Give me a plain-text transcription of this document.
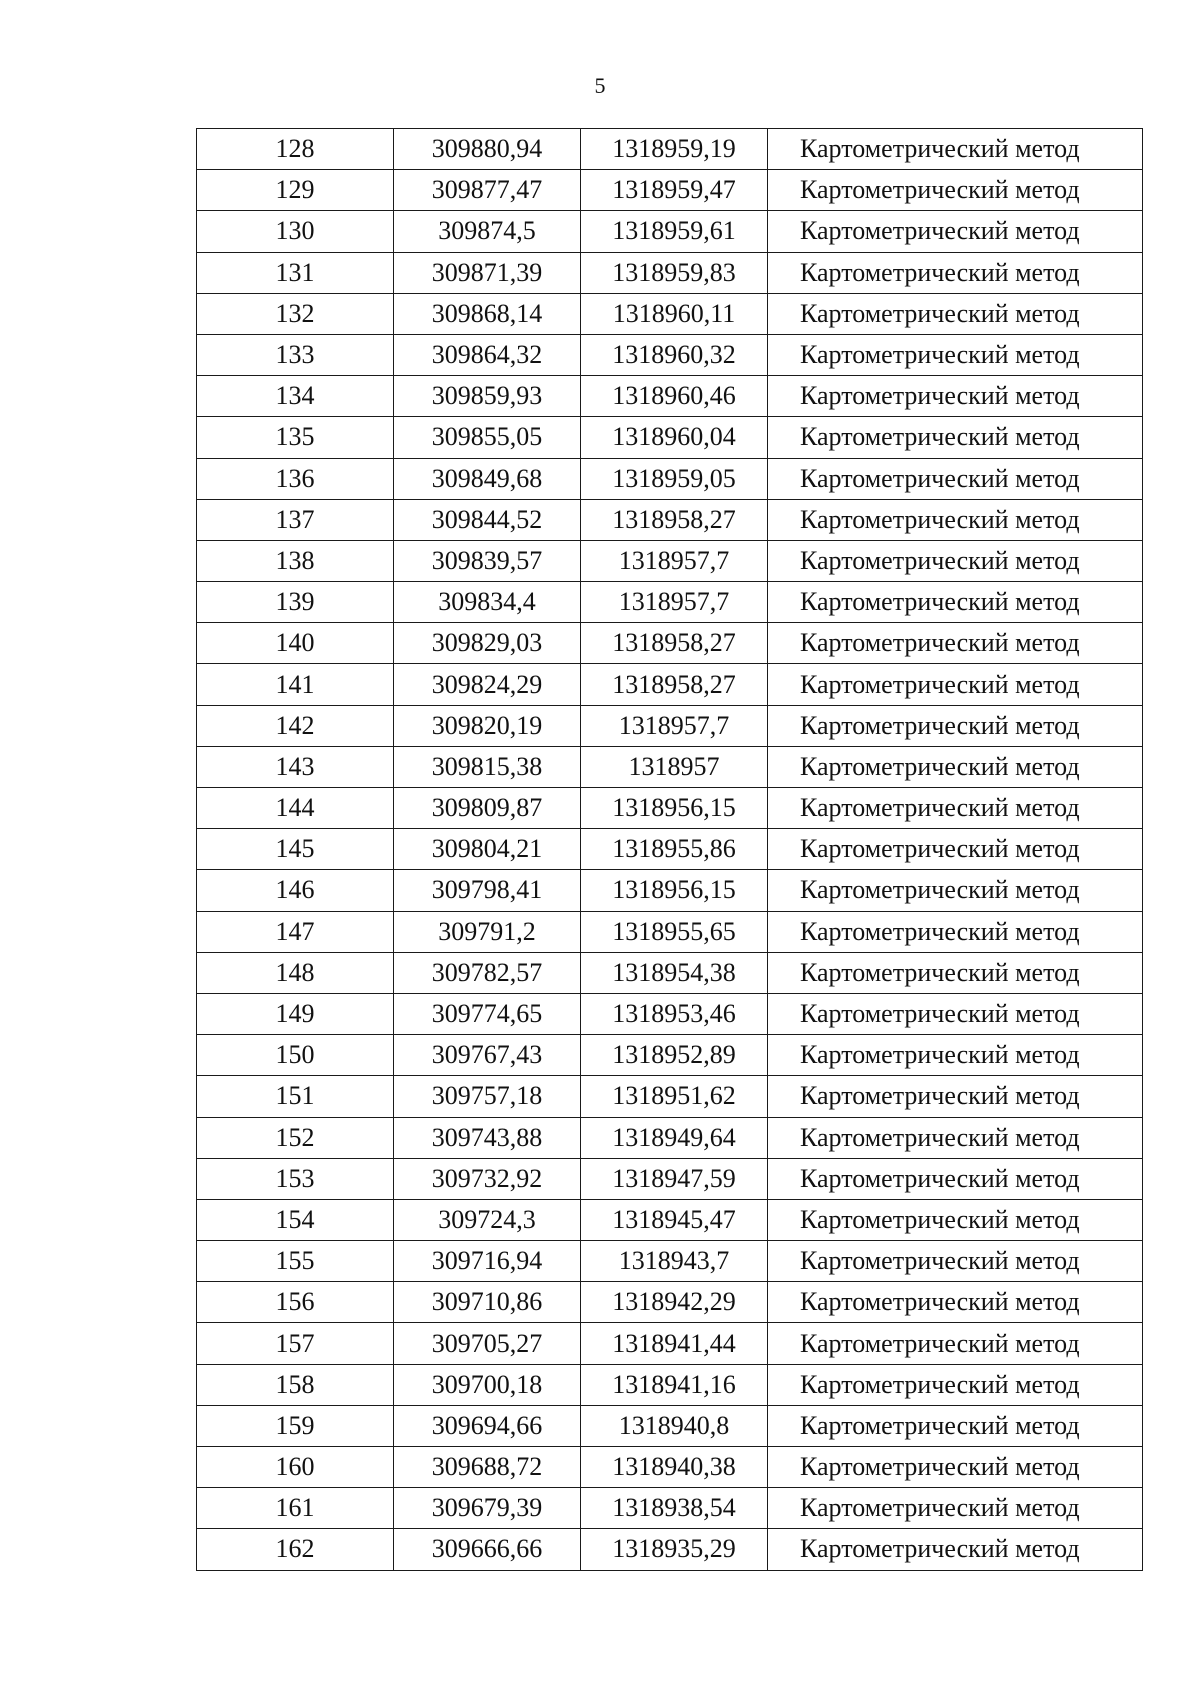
5
128	309880,94	1318959,19	Картометрический метод
129	309877,47	1318959,47	Картометрический метод
130	309874,5	1318959,61	Картометрический метод
131	309871,39	1318959,83	Картометрический метод
132	309868,14	1318960,11	Картометрический метод
133	309864,32	1318960,32	Картометрический метод
134	309859,93	1318960,46	Картометрический метод
135	309855,05	1318960,04	Картометрический метод
136	309849,68	1318959,05	Картометрический метод
137	309844,52	1318958,27	Картометрический метод
138	309839,57	1318957,7	Картометрический метод
139	309834,4	1318957,7	Картометрический метод
140	309829,03	1318958,27	Картометрический метод
141	309824,29	1318958,27	Картометрический метод
142	309820,19	1318957,7	Картометрический метод
143	309815,38	1318957	Картометрический метод
144	309809,87	1318956,15	Картометрический метод
145	309804,21	1318955,86	Картометрический метод
146	309798,41	1318956,15	Картометрический метод
147	309791,2	1318955,65	Картометрический метод
148	309782,57	1318954,38	Картометрический метод
149	309774,65	1318953,46	Картометрический метод
150	309767,43	1318952,89	Картометрический метод
151	309757,18	1318951,62	Картометрический метод
152	309743,88	1318949,64	Картометрический метод
153	309732,92	1318947,59	Картометрический метод
154	309724,3	1318945,47	Картометрический метод
155	309716,94	1318943,7	Картометрический метод
156	309710,86	1318942,29	Картометрический метод
157	309705,27	1318941,44	Картометрический метод
158	309700,18	1318941,16	Картометрический метод
159	309694,66	1318940,8	Картометрический метод
160	309688,72	1318940,38	Картометрический метод
161	309679,39	1318938,54	Картометрический метод
162	309666,66	1318935,29	Картометрический метод
